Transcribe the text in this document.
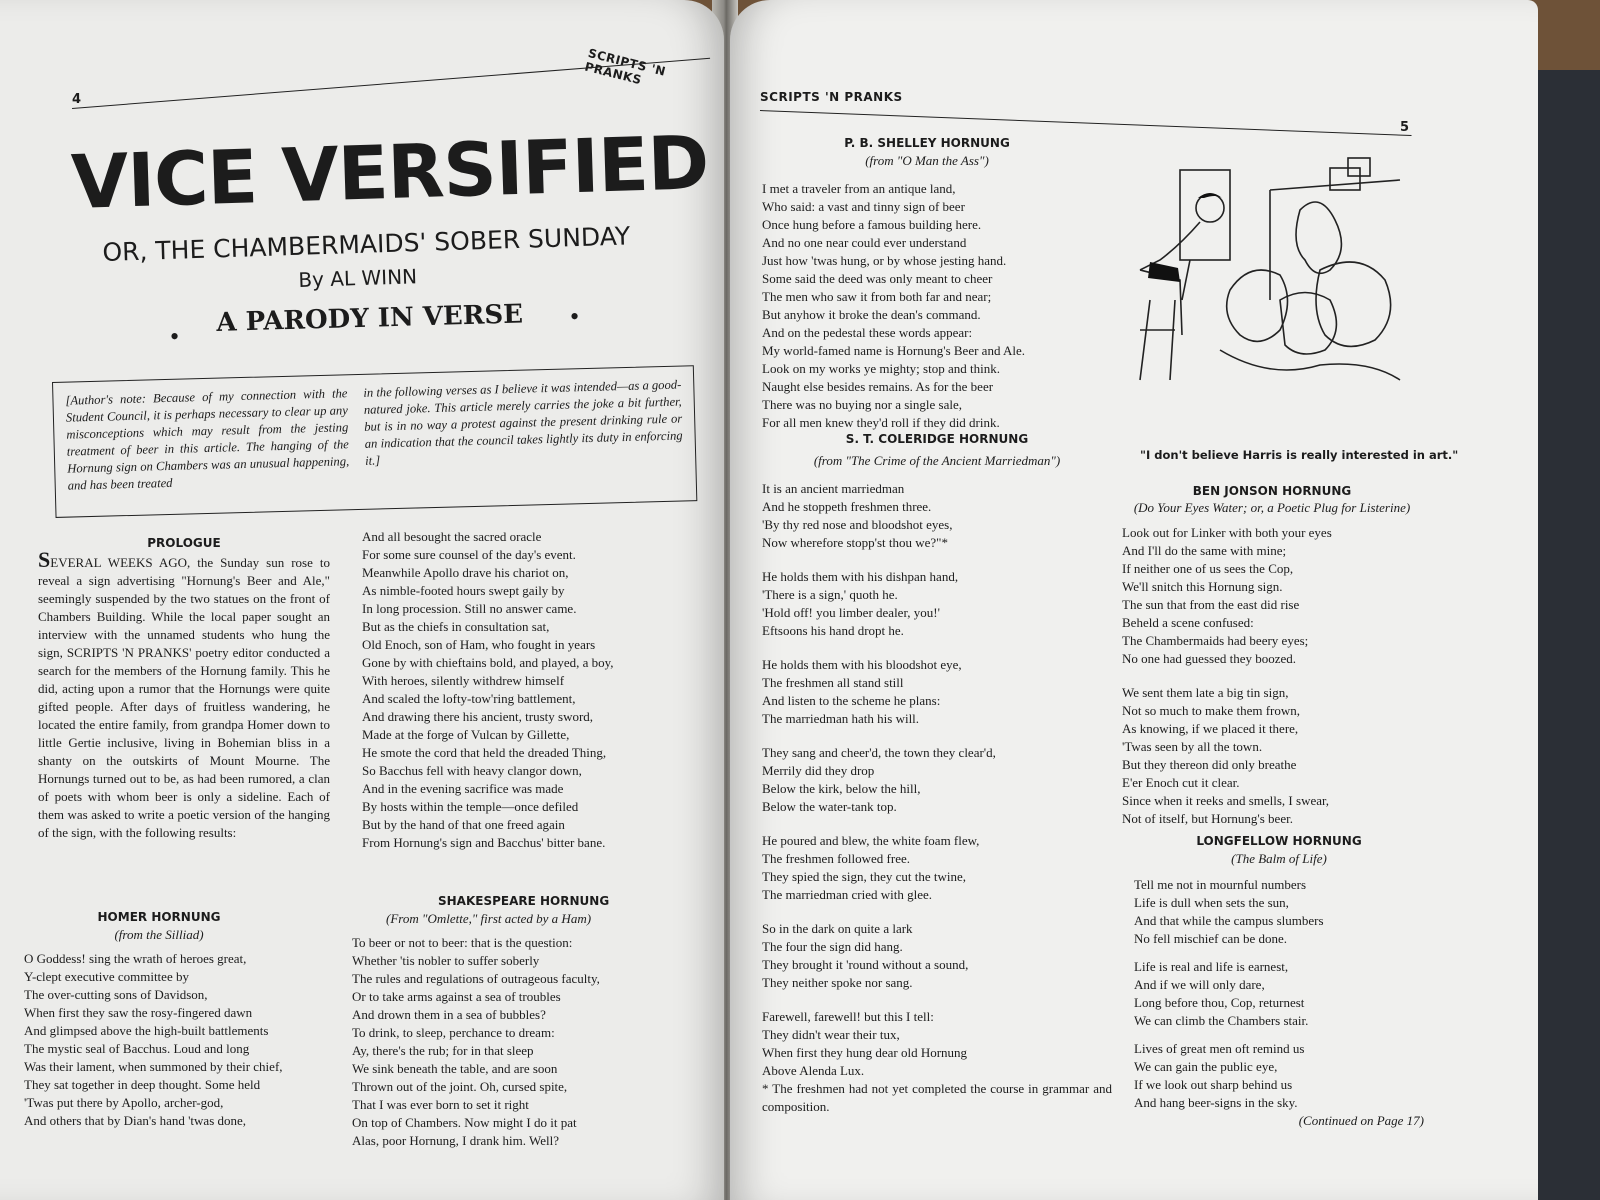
SCRIPTS 'N PRANKS
4
VICE VERSIFIED
OR, THE CHAMBERMAIDS' SOBER SUNDAY
By AL WINN
• A PARODY IN VERSE •
[Author's note: Because of my connection with the Student Council, it is perhaps necessary to clear up any misconceptions which may result from the jesting treatment of beer in this article. The hanging of the Hornung sign on Chambers was an unusual happening, and has been treated
in the following verses as I believe it was intended—as a good-natured joke. This article merely carries the joke a bit further, but is in no way a protest against the present drinking rule or an indication that the council takes lightly its duty in enforcing it.]
PROLOGUE

SEVERAL WEEKS AGO, the Sunday sun rose to reveal a sign advertising "Hornung's Beer and Ale," seemingly suspended by the two statues on the front of Chambers Building. While the local paper sought an interview with the unnamed students who hung the sign, SCRIPTS 'N PRANKS' poetry editor conducted a search for the members of the Hornung family. This he did, acting upon a rumor that the Hornungs were quite gifted people. After days of fruitless wandering, he located the entire family, from grandpa Homer down to little Gertie inclusive, living in Bohemian bliss in a shanty on the outskirts of Mount Mourne. The Hornungs turned out to be, as had been rumored, a clan of poets with whom beer is only a sideline. Each of them was asked to write a poetic version of the hanging of the sign, with the following results:

And all besought the sacred oracle
For some sure counsel of the day's event.
Meanwhile Apollo drave his chariot on,
As nimble-footed hours swept gaily by
In long procession. Still no answer came.
But as the chiefs in consultation sat,
Old Enoch, son of Ham, who fought in years
Gone by with chieftains bold, and played, a boy,
With heroes, silently withdrew himself
And scaled the lofty-tow'ring battlement,
And drawing there his ancient, trusty sword,
Made at the forge of Vulcan by Gillette,
He smote the cord that held the dreaded Thing,
So Bacchus fell with heavy clangor down,
And in the evening sacrifice was made
By hosts within the temple—once defiled
But by the hand of that one freed again
From Hornung's sign and Bacchus' bitter bane.
HOMER HORNUNG
(from the Silliad)
O Goddess! sing the wrath of heroes great,
Y-clept executive committee by
The over-cutting sons of Davidson,
When first they saw the rosy-fingered dawn
And glimpsed above the high-built battlements
The mystic seal of Bacchus. Loud and long
Was their lament, when summoned by their chief,
They sat together in deep thought. Some held
'Twas put there by Apollo, archer-god,
And others that by Dian's hand 'twas done,
SHAKESPEARE HORNUNG
(From "Omlette," first acted by a Ham)
To beer or not to beer: that is the question:
Whether 'tis nobler to suffer soberly
The rules and regulations of outrageous faculty,
Or to take arms against a sea of troubles
And drown them in a sea of bubbles?
To drink, to sleep, perchance to dream:
Ay, there's the rub; for in that sleep
We sink beneath the table, and are soon
Thrown out of the joint. Oh, cursed spite,
That I was ever born to set it right
On top of Chambers. Now might I do it pat
Alas, poor Hornung, I drank him. Well?
SCRIPTS 'N PRANKS
5
P. B. SHELLEY HORNUNG
(from "O Man the Ass")
I met a traveler from an antique land,
Who said: a vast and tinny sign of beer
Once hung before a famous building here.
And no one near could ever understand
Just how 'twas hung, or by whose jesting hand.
Some said the deed was only meant to cheer
The men who saw it from both far and near;
But anyhow it broke the dean's command.
And on the pedestal these words appear:
My world-famed name is Hornung's Beer and Ale.
Look on my works ye mighty; stop and think.
Naught else besides remains. As for the beer
There was no buying nor a single sale,
For all men knew they'd roll if they did drink.
S. T. COLERIDGE HORNUNG
(from "The Crime of the Ancient Marriedman")
It is an ancient marriedman
And he stoppeth freshmen three.
'By thy red nose and bloodshot eyes,
Now wherefore stopp'st thou we?"*
He holds them with his dishpan hand,
'There is a sign,' quoth he.
'Hold off! you limber dealer, you!'
Eftsoons his hand dropt he.
He holds them with his bloodshot eye,
The freshmen all stand still
And listen to the scheme he plans:
The marriedman hath his will.
They sang and cheer'd, the town they clear'd,
Merrily did they drop
Below the kirk, below the hill,
Below the water-tank top.
He poured and blew, the white foam flew,
The freshmen followed free.
They spied the sign, they cut the twine,
The marriedman cried with glee.
So in the dark on quite a lark
The four the sign did hang.
They brought it 'round without a sound,
They neither spoke nor sang.
Farewell, farewell! but this I tell:
They didn't wear their tux,
When first they hung dear old Hornung
Above Alenda Lux.
* The freshmen had not yet completed the course in grammar and composition.
"I don't believe Harris is really interested in art."
BEN JONSON HORNUNG
(Do Your Eyes Water; or, a Poetic Plug for Listerine)
Look out for Linker with both your eyes
And I'll do the same with mine;
If neither one of us sees the Cop,
We'll snitch this Hornung sign.
The sun that from the east did rise
Beheld a scene confused:
The Chambermaids had beery eyes;
No one had guessed they boozed.
We sent them late a big tin sign,
Not so much to make them frown,
As knowing, if we placed it there,
'Twas seen by all the town.
But they thereon did only breathe
E'er Enoch cut it clear.
Since when it reeks and smells, I swear,
Not of itself, but Hornung's beer.
LONGFELLOW HORNUNG
(The Balm of Life)
Tell me not in mournful numbers
Life is dull when sets the sun,
And that while the campus slumbers
No fell mischief can be done.
Life is real and life is earnest,
And if we will only dare,
Long before thou, Cop, returnest
We can climb the Chambers stair.
Lives of great men oft remind us
We can gain the public eye,
If we look out sharp behind us
And hang beer-signs in the sky.
(Continued on Page 17)
